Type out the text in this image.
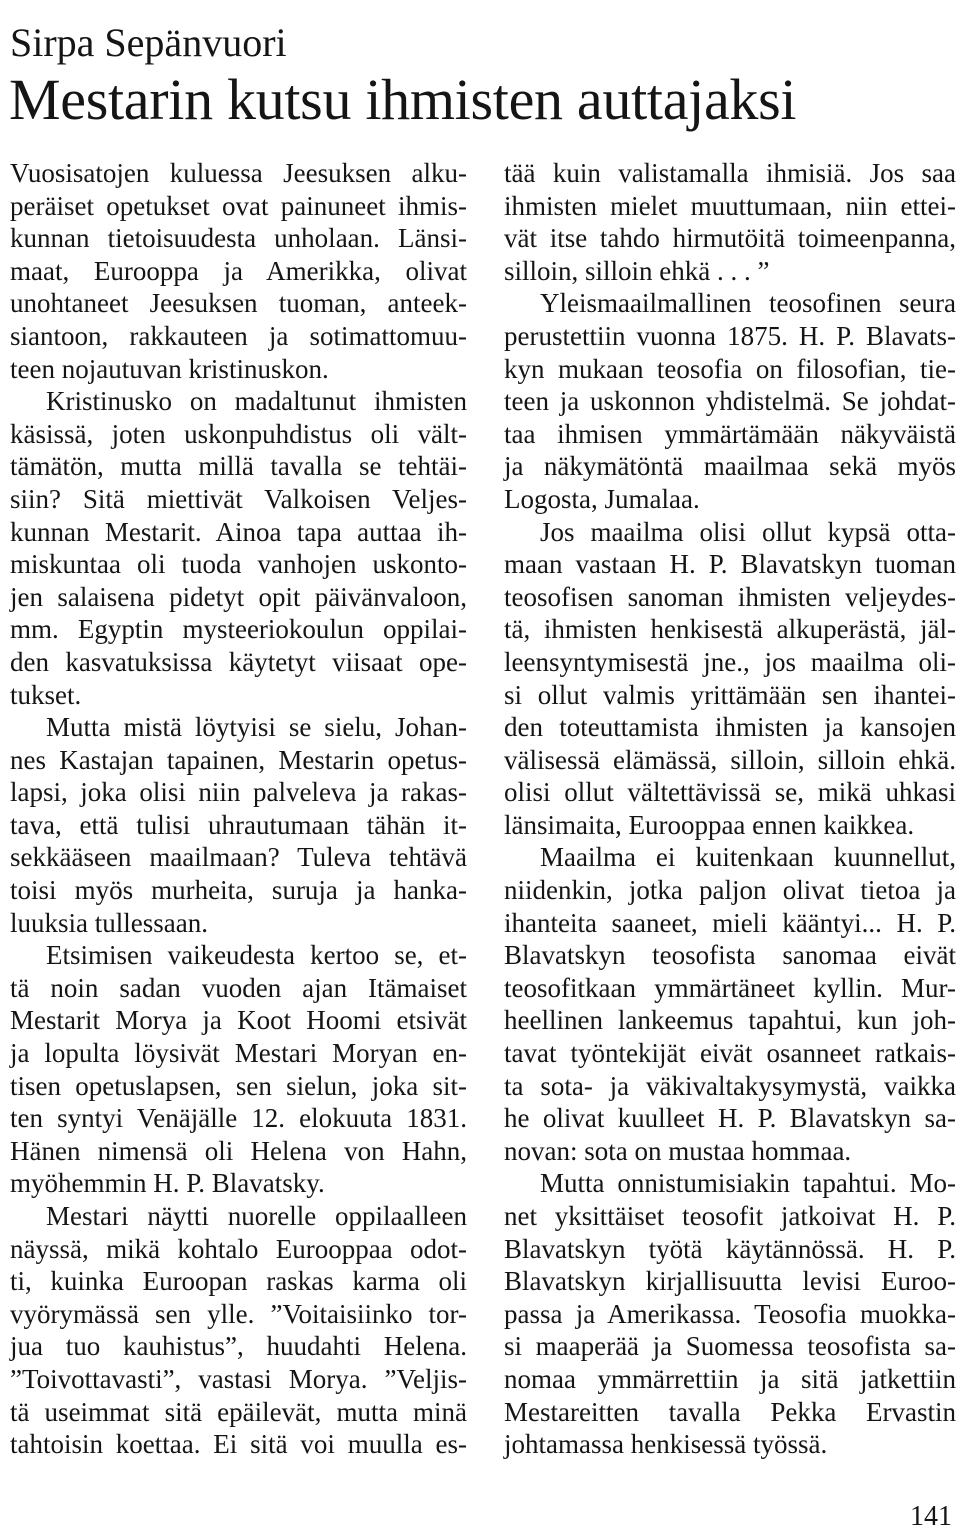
Sirpa Sepänvuori
Mestarin kutsu ihmisten auttajaksi
Vuosisatojen kuluessa Jeesuksen alku-
peräiset opetukset ovat painuneet ihmis-
kunnan tietoisuudesta unholaan. Länsi-
maat, Eurooppa ja Amerikka, olivat
unohtaneet Jeesuksen tuoman, anteek-
siantoon, rakkauteen ja sotimattomuu-
teen nojautuvan kristinuskon.
Kristinusko on madaltunut ihmisten
käsissä, joten uskonpuhdistus oli vält-
tämätön, mutta millä tavalla se tehtäi-
siin? Sitä miettivät Valkoisen Veljes-
kunnan Mestarit. Ainoa tapa auttaa ih-
miskuntaa oli tuoda vanhojen uskonto-
jen salaisena pidetyt opit päivänvaloon,
mm. Egyptin mysteeriokoulun oppilai-
den kasvatuksissa käytetyt viisaat ope-
tukset.
Mutta mistä löytyisi se sielu, Johan-
nes Kastajan tapainen, Mestarin opetus-
lapsi, joka olisi niin palveleva ja rakas-
tava, että tulisi uhrautumaan tähän it-
sekkääseen maailmaan? Tuleva tehtävä
toisi myös murheita, suruja ja hanka-
luuksia tullessaan.
Etsimisen vaikeudesta kertoo se, et-
tä noin sadan vuoden ajan Itämaiset
Mestarit Morya ja Koot Hoomi etsivät
ja lopulta löysivät Mestari Moryan en-
tisen opetuslapsen, sen sielun, joka sit-
ten syntyi Venäjälle 12. elokuuta 1831.
Hänen nimensä oli Helena von Hahn,
myöhemmin H. P. Blavatsky.
Mestari näytti nuorelle oppilaalleen
näyssä, mikä kohtalo Eurooppaa odot-
ti, kuinka Euroopan raskas karma oli
vyörymässä sen ylle. ”Voitaisiinko tor-
jua tuo kauhistus”, huudahti Helena.
”Toivottavasti”, vastasi Morya. ”Veljis-
tä useimmat sitä epäilevät, mutta minä
tahtoisin koettaa. Ei sitä voi muulla es-
tää kuin valistamalla ihmisiä. Jos saa
ihmisten mielet muuttumaan, niin ettei-
vät itse tahdo hirmutöitä toimeenpanna,
silloin, silloin ehkä . . . ”
Yleismaailmallinen teosofinen seura
perustettiin vuonna 1875. H. P. Blavats-
kyn mukaan teosofia on filosofian, tie-
teen ja uskonnon yhdistelmä. Se johdat-
taa ihmisen ymmärtämään näkyväistä
ja näkymätöntä maailmaa sekä myös
Logosta, Jumalaa.
Jos maailma olisi ollut kypsä otta-
maan vastaan H. P. Blavatskyn tuoman
teosofisen sanoman ihmisten veljeydes-
tä, ihmisten henkisestä alkuperästä, jäl-
leensyntymisestä jne., jos maailma oli-
si ollut valmis yrittämään sen ihantei-
den toteuttamista ihmisten ja kansojen
välisessä elämässä, silloin, silloin ehkä.
olisi ollut vältettävissä se, mikä uhkasi
länsimaita, Eurooppaa ennen kaikkea.
Maailma ei kuitenkaan kuunnellut,
niidenkin, jotka paljon olivat tietoa ja
ihanteita saaneet, mieli kääntyi... H. P.
Blavatskyn teosofista sanomaa eivät
teosofitkaan ymmärtäneet kyllin. Mur-
heellinen lankeemus tapahtui, kun joh-
tavat työntekijät eivät osanneet ratkais-
ta sota- ja väkivaltakysymystä, vaikka
he olivat kuulleet H. P. Blavatskyn sa-
novan: sota on mustaa hommaa.
Mutta onnistumisiakin tapahtui. Mo-
net yksittäiset teosofit jatkoivat H. P.
Blavatskyn työtä käytännössä. H. P.
Blavatskyn kirjallisuutta levisi Euroo-
passa ja Amerikassa. Teosofia muokka-
si maaperää ja Suomessa teosofista sa-
nomaa ymmärrettiin ja sitä jatkettiin
Mestareitten tavalla Pekka Ervastin
johtamassa henkisessä työssä.
141
